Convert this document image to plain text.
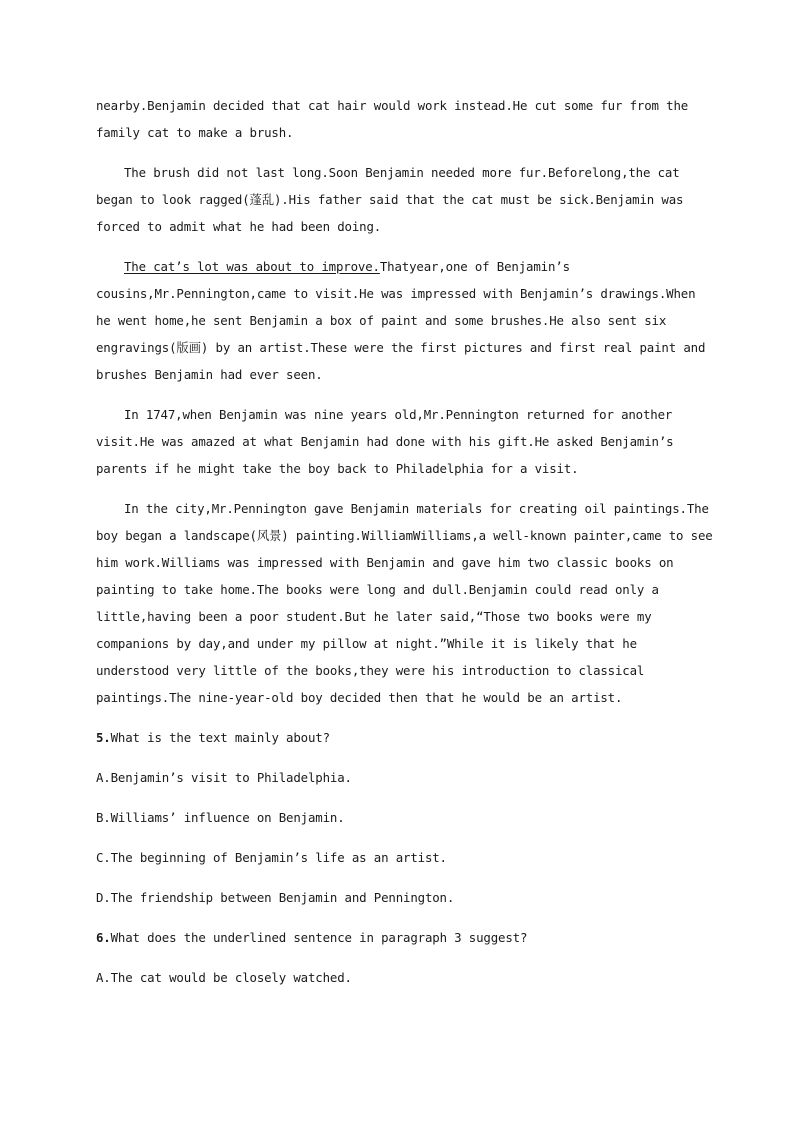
nearby.Benjamin decided that cat hair would work instead.He cut some fur from the
family cat to make a brush.
The brush did not last long.Soon Benjamin needed more fur.Beforelong,the cat
began to look ragged(蓬乱).His father said that the cat must be sick.Benjamin was
forced to admit what he had been doing.
The cat’s lot was about to improve.Thatyear,one of Benjamin’s
cousins,Mr.Pennington,came to visit.He was impressed with Benjamin’s drawings.When
he went home,he sent Benjamin a box of paint and some brushes.He also sent six
engravings(版画) by an artist.These were the first pictures and first real paint and
brushes Benjamin had ever seen.
In 1747,when Benjamin was nine years old,Mr.Pennington returned for another
visit.He was amazed at what Benjamin had done with his gift.He asked Benjamin’s
parents if he might take the boy back to Philadelphia for a visit.
In the city,Mr.Pennington gave Benjamin materials for creating oil paintings.The
boy began a landscape(风景) painting.WilliamWilliams,a well-known painter,came to see
him work.Williams was impressed with Benjamin and gave him two classic books on
painting to take home.The books were long and dull.Benjamin could read only a
little,having been a poor student.But he later said,“Those two books were my
companions by day,and under my pillow at night.”While it is likely that he
understood very little of the books,they were his introduction to classical
paintings.The nine-year-old boy decided then that he would be an artist.
5.What is the text mainly about?
A.Benjamin’s visit to Philadelphia.
B.Williams’ influence on Benjamin.
C.The beginning of Benjamin’s life as an artist.
D.The friendship between Benjamin and Pennington.
6.What does the underlined sentence in paragraph 3 suggest?
A.The cat would be closely watched.
